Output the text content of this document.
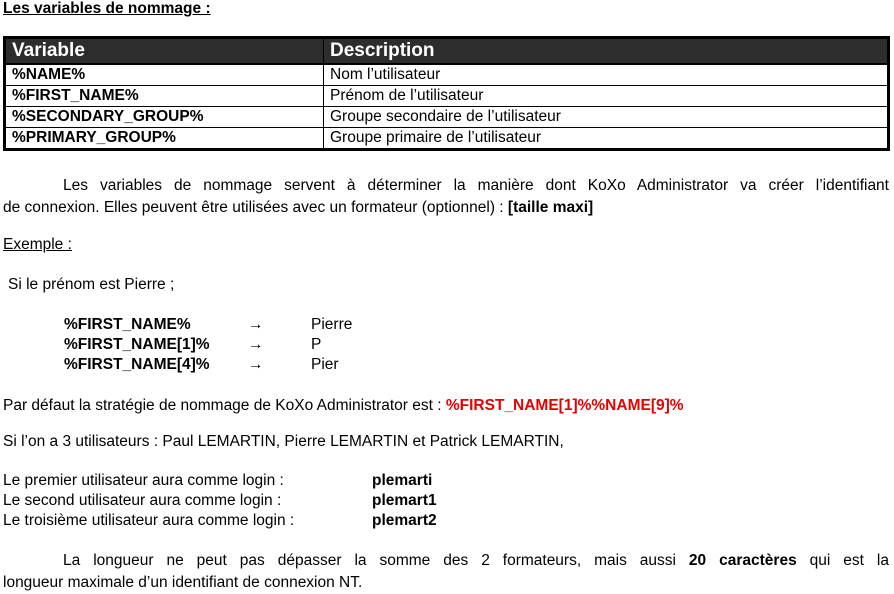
Les variables de nommage :
Variable	Description
%NAME%	Nom l’utilisateur
%FIRST_NAME%	Prénom de l’utilisateur
%SECONDARY_GROUP%	Groupe secondaire de l’utilisateur
%PRIMARY_GROUP%	Groupe primaire de l’utilisateur
Les variables de nommage servent à déterminer la manière dont KoXo Administrator va créer l’identifiant
de connexion. Elles peuvent être utilisées avec un formateur (optionnel) : [taille maxi]
Exemple :
Si le prénom est Pierre ;
%FIRST_NAME%	→	Pierre
%FIRST_NAME[1]% →	P
%FIRST_NAME[4]% →	Pier
Par défaut la stratégie de nommage de KoXo Administrator est : %FIRST_NAME[1]%%NAME[9]%
Si l’on a 3 utilisateurs : Paul LEMARTIN, Pierre LEMARTIN et Patrick LEMARTIN,
Le premier utilisateur aura comme login :	plemarti
Le second utilisateur aura comme login :	plemart1
Le troisième utilisateur aura comme login :	plemart2
La longueur ne peut pas dépasser la somme des 2 formateurs, mais aussi 20 caractères qui est la
longueur maximale d’un identifiant de connexion NT.
